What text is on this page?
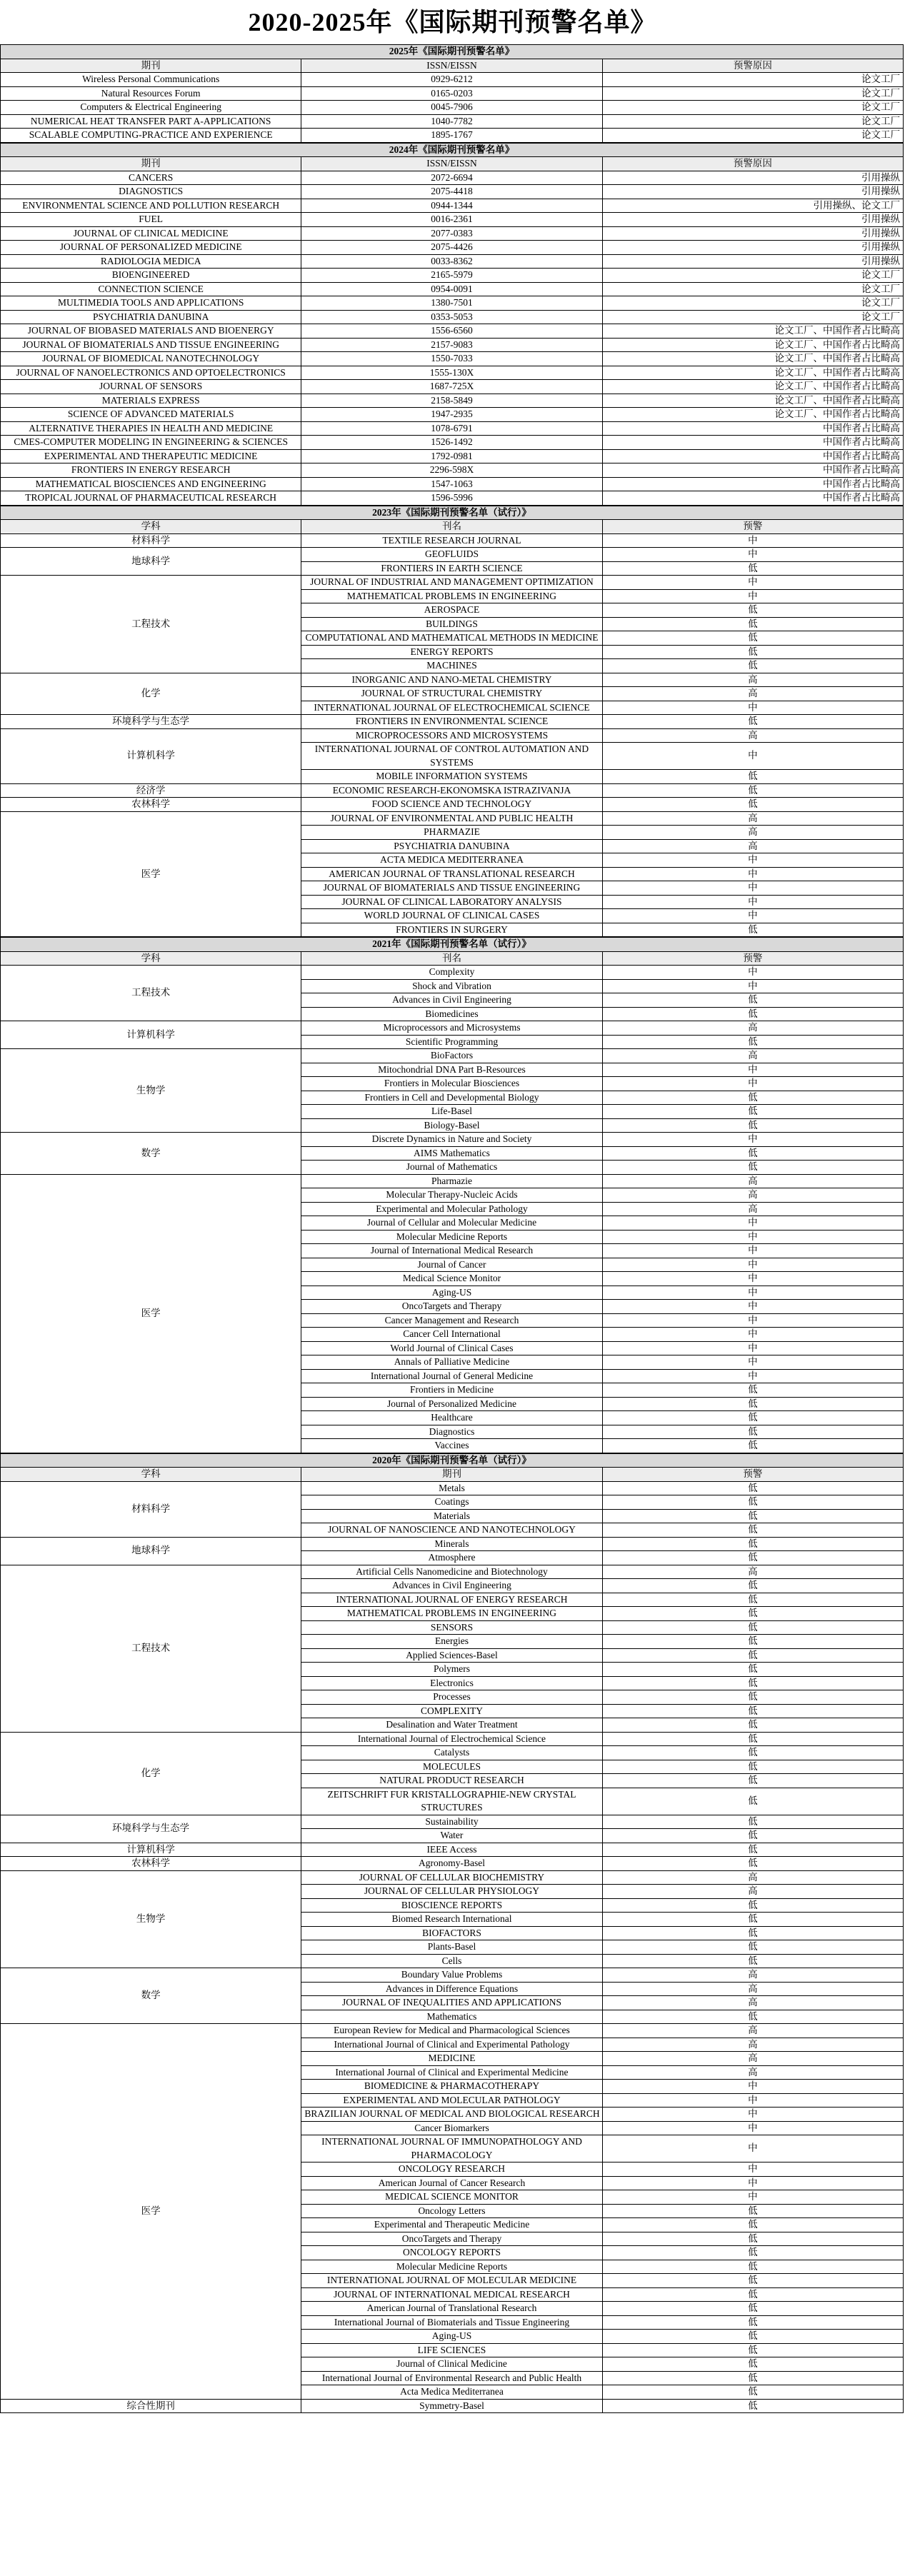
2020-2025年《国际期刊预警名单》
2025年《国际期刊预警名单》		
期刊	ISSN/EISSN	预警原因
Wireless Personal Communications	0929-6212	论文工厂
Natural Resources Forum	0165-0203	论文工厂
Computers & Electrical Engineering	0045-7906	论文工厂
NUMERICAL HEAT TRANSFER PART A-APPLICATIONS	1040-7782	论文工厂
SCALABLE COMPUTING-PRACTICE AND EXPERIENCE	1895-1767	论文工厂
2024年《国际期刊预警名单》		
期刊	ISSN/EISSN	预警原因
CANCERS	2072-6694	引用操纵
DIAGNOSTICS	2075-4418	引用操纵
ENVIRONMENTAL SCIENCE AND POLLUTION RESEARCH	0944-1344	引用操纵、论文工厂
FUEL	0016-2361	引用操纵
JOURNAL OF CLINICAL MEDICINE	2077-0383	引用操纵
JOURNAL OF PERSONALIZED MEDICINE	2075-4426	引用操纵
RADIOLOGIA MEDICA	0033-8362	引用操纵
BIOENGINEERED	2165-5979	论文工厂
CONNECTION SCIENCE	0954-0091	论文工厂
MULTIMEDIA TOOLS AND APPLICATIONS	1380-7501	论文工厂
PSYCHIATRIA DANUBINA	0353-5053	论文工厂
JOURNAL OF BIOBASED MATERIALS AND BIOENERGY	1556-6560	论文工厂、中国作者占比畸高
JOURNAL OF BIOMATERIALS AND TISSUE ENGINEERING	2157-9083	论文工厂、中国作者占比畸高
JOURNAL OF BIOMEDICAL NANOTECHNOLOGY	1550-7033	论文工厂、中国作者占比畸高
JOURNAL OF NANOELECTRONICS AND OPTOELECTRONICS	1555-130X	论文工厂、中国作者占比畸高
JOURNAL OF SENSORS	1687-725X	论文工厂、中国作者占比畸高
MATERIALS EXPRESS	2158-5849	论文工厂、中国作者占比畸高
SCIENCE OF ADVANCED MATERIALS	1947-2935	论文工厂、中国作者占比畸高
ALTERNATIVE THERAPIES IN HEALTH AND MEDICINE	1078-6791	中国作者占比畸高
CMES-COMPUTER MODELING IN ENGINEERING & SCIENCES	1526-1492	中国作者占比畸高
EXPERIMENTAL AND THERAPEUTIC MEDICINE	1792-0981	中国作者占比畸高
FRONTIERS IN ENERGY RESEARCH	2296-598X	中国作者占比畸高
MATHEMATICAL BIOSCIENCES AND ENGINEERING	1547-1063	中国作者占比畸高
TROPICAL JOURNAL OF PHARMACEUTICAL RESEARCH	1596-5996	中国作者占比畸高
2023年《国际期刊预警名单（试行）》		
学科	刊名	预警
材料科学	TEXTILE RESEARCH JOURNAL	中
地球科学	GEOFLUIDS	中
	FRONTIERS IN EARTH SCIENCE	低
工程技术	JOURNAL OF INDUSTRIAL AND MANAGEMENT OPTIMIZATION	中
	MATHEMATICAL PROBLEMS IN ENGINEERING	中
	AEROSPACE	低
	BUILDINGS	低
	COMPUTATIONAL AND MATHEMATICAL METHODS IN MEDICINE	低
	ENERGY REPORTS	低
	MACHINES	低
化学	INORGANIC AND NANO-METAL CHEMISTRY	高
	JOURNAL OF STRUCTURAL CHEMISTRY	高
	INTERNATIONAL JOURNAL OF ELECTROCHEMICAL SCIENCE	中
环境科学与生态学	FRONTIERS IN ENVIRONMENTAL SCIENCE	低
计算机科学	MICROPROCESSORS AND MICROSYSTEMS	高
	INTERNATIONAL JOURNAL OF CONTROL AUTOMATION AND SYSTEMS	中
	MOBILE INFORMATION SYSTEMS	低
经济学	ECONOMIC RESEARCH-EKONOMSKA ISTRAZIVANJA	低
农林科学	FOOD SCIENCE AND TECHNOLOGY	低
医学	JOURNAL OF ENVIRONMENTAL AND PUBLIC HEALTH	高
	PHARMAZIE	高
	PSYCHIATRIA DANUBINA	高
	ACTA MEDICA MEDITERRANEA	中
	AMERICAN JOURNAL OF TRANSLATIONAL RESEARCH	中
	JOURNAL OF BIOMATERIALS AND TISSUE ENGINEERING	中
	JOURNAL OF CLINICAL LABORATORY ANALYSIS	中
	WORLD JOURNAL OF CLINICAL CASES	中
	FRONTIERS IN SURGERY	低
2021年《国际期刊预警名单（试行）》		
学科	刊名	预警
工程技术	Complexity	中
	Shock and Vibration	中
	Advances in Civil Engineering	低
	Biomedicines	低
计算机科学	Microprocessors and Microsystems	高
	Scientific Programming	低
生物学	BioFactors	高
	Mitochondrial DNA Part B-Resources	中
	Frontiers in Molecular Biosciences	中
	Frontiers in Cell and Developmental Biology	低
	Life-Basel	低
	Biology-Basel	低
数学	Discrete Dynamics in Nature and Society	中
	AIMS Mathematics	低
	Journal of Mathematics	低
医学	Pharmazie	高
	Molecular Therapy-Nucleic Acids	高
	Experimental and Molecular Pathology	高
	Journal of Cellular and Molecular Medicine	中
	Molecular Medicine Reports	中
	Journal of International Medical Research	中
	Journal of Cancer	中
	Medical Science Monitor	中
	Aging-US	中
	OncoTargets and Therapy	中
	Cancer Management and Research	中
	Cancer Cell International	中
	World Journal of Clinical Cases	中
	Annals of Palliative Medicine	中
	International Journal of General Medicine	中
	Frontiers in Medicine	低
	Journal of Personalized Medicine	低
	Healthcare	低
	Diagnostics	低
	Vaccines	低
2020年《国际期刊预警名单（试行）》		
学科	期刊	预警
材料科学	Metals	低
	Coatings	低
	Materials	低
	JOURNAL OF NANOSCIENCE AND NANOTECHNOLOGY	低
地球科学	Minerals	低
	Atmosphere	低
工程技术	Artificial Cells Nanomedicine and Biotechnology	高
	Advances in Civil Engineering	低
	INTERNATIONAL JOURNAL OF ENERGY RESEARCH	低
	MATHEMATICAL PROBLEMS IN ENGINEERING	低
	SENSORS	低
	Energies	低
	Applied Sciences-Basel	低
	Polymers	低
	Electronics	低
	Processes	低
	COMPLEXITY	低
	Desalination and Water Treatment	低
化学	International Journal of Electrochemical Science	低
	Catalysts	低
	MOLECULES	低
	NATURAL PRODUCT RESEARCH	低
	ZEITSCHRIFT FUR KRISTALLOGRAPHIE-NEW CRYSTAL STRUCTURES	低
环境科学与生态学	Sustainability	低
	Water	低
计算机科学	IEEE Access	低
农林科学	Agronomy-Basel	低
生物学	JOURNAL OF CELLULAR BIOCHEMISTRY	高
	JOURNAL OF CELLULAR PHYSIOLOGY	高
	BIOSCIENCE REPORTS	低
	Biomed Research International	低
	BIOFACTORS	低
	Plants-Basel	低
	Cells	低
数学	Boundary Value Problems	高
	Advances in Difference Equations	高
	JOURNAL OF INEQUALITIES AND APPLICATIONS	高
	Mathematics	低
医学	European Review for Medical and Pharmacological Sciences	高
	International Journal of Clinical and Experimental Pathology	高
	MEDICINE	高
	International Journal of Clinical and Experimental Medicine	高
	BIOMEDICINE & PHARMACOTHERAPY	中
	EXPERIMENTAL AND MOLECULAR PATHOLOGY	中
	BRAZILIAN JOURNAL OF MEDICAL AND BIOLOGICAL RESEARCH	中
	Cancer Biomarkers	中
	INTERNATIONAL JOURNAL OF IMMUNOPATHOLOGY AND PHARMACOLOGY	中
	ONCOLOGY RESEARCH	中
	American Journal of Cancer Research	中
	MEDICAL SCIENCE MONITOR	中
	Oncology Letters	低
	Experimental and Therapeutic Medicine	低
	OncoTargets and Therapy	低
	ONCOLOGY REPORTS	低
	Molecular Medicine Reports	低
	INTERNATIONAL JOURNAL OF MOLECULAR MEDICINE	低
	JOURNAL OF INTERNATIONAL MEDICAL RESEARCH	低
	American Journal of Translational Research	低
	International Journal of Biomaterials and Tissue Engineering	低
	Aging-US	低
	LIFE SCIENCES	低
	Journal of Clinical Medicine	低
	International Journal of Environmental Research and Public Health	低
	Acta Medica Mediterranea	低
综合性期刊	Symmetry-Basel	低
